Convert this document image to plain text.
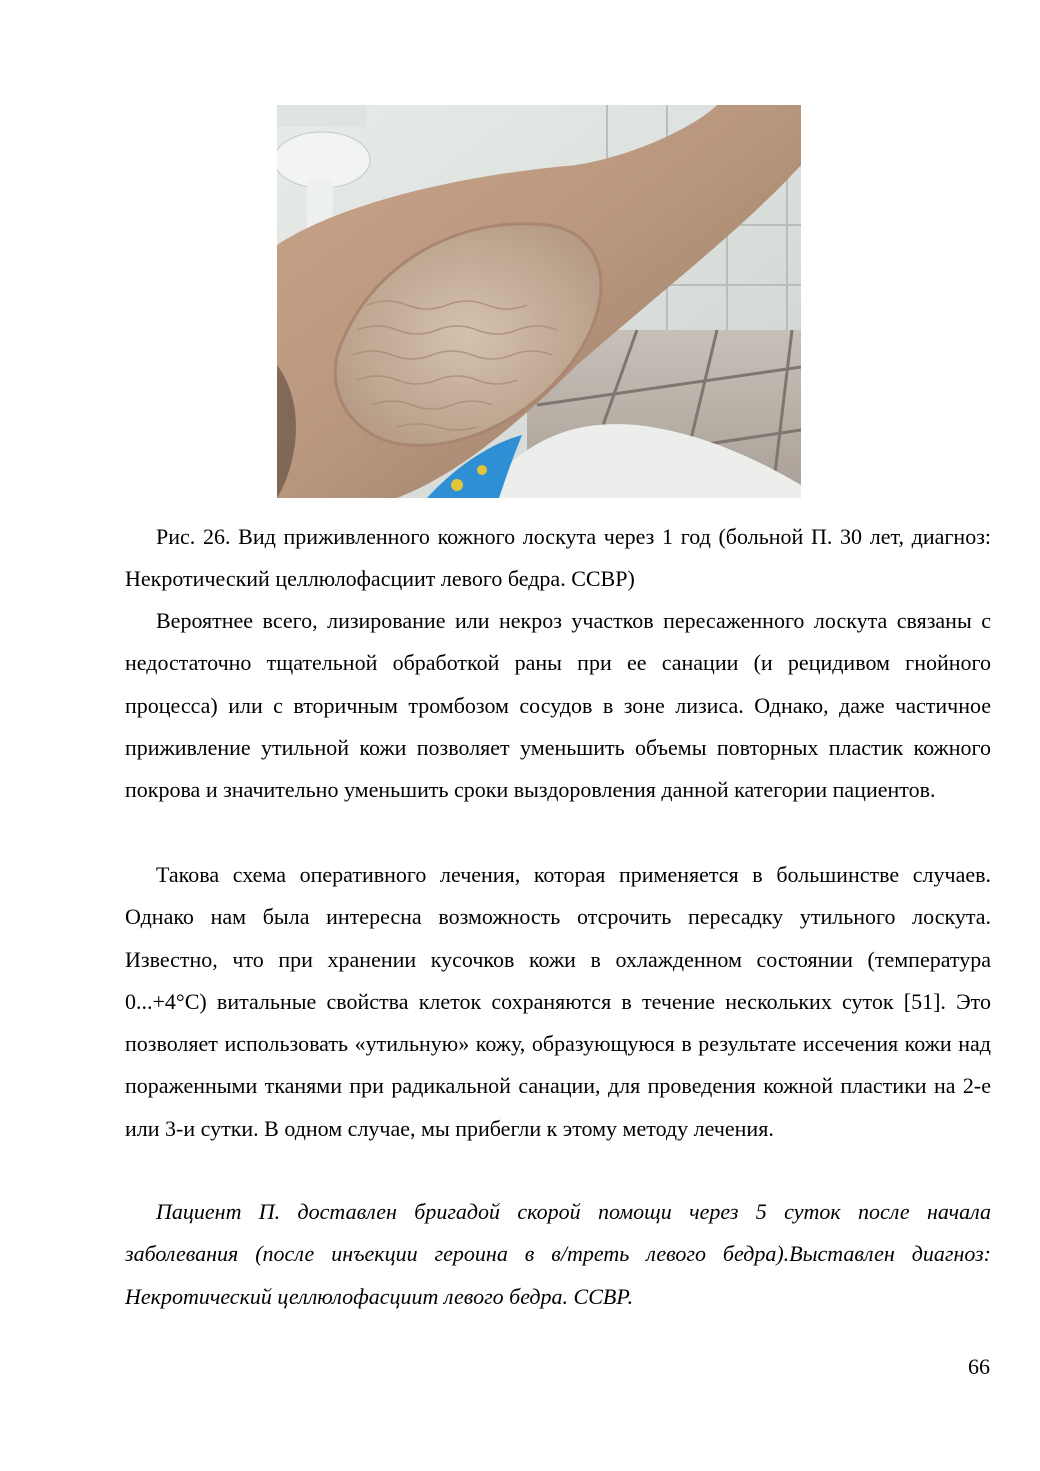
Рис. 26. Вид приживленного кожного лоскута через 1 год (больной П. 30 лет, диагноз: Некротический целлюлофасциит левого бедра. ССВР)

Вероятнее всего, лизирование или некроз участков пересаженного лоскута связаны с недостаточно тщательной обработкой раны при ее санации (и рецидивом гнойного процесса) или с вторичным тромбозом сосудов в зоне лизиса. Однако, даже частичное приживление утильной кожи позволяет уменьшить объемы повторных пластик кожного покрова и значительно уменьшить сроки выздоровления данной категории пациентов.

Такова схема оперативного лечения, которая применяется в большинстве случаев. Однако нам была интересна возможность отсрочить пересадку утильного лоскута. Известно, что при хранении кусочков кожи в охлажденном состоянии (температура 0...+4°С) витальные свойства клеток сохраняются в течение нескольких суток [51]. Это позволяет использовать «утильную» кожу, образующуюся в результате иссечения кожи над пораженными тканями при радикальной санации, для проведения кожной пластики на 2-е или 3-и сутки. В одном случае, мы прибегли к этому методу лечения.

Пациент П. доставлен бригадой скорой помощи через 5 суток после начала заболевания (после инъекции героина в в/треть левого бедра).Выставлен диагноз: Некротический целлюлофасциит левого бедра. ССВР.

66
